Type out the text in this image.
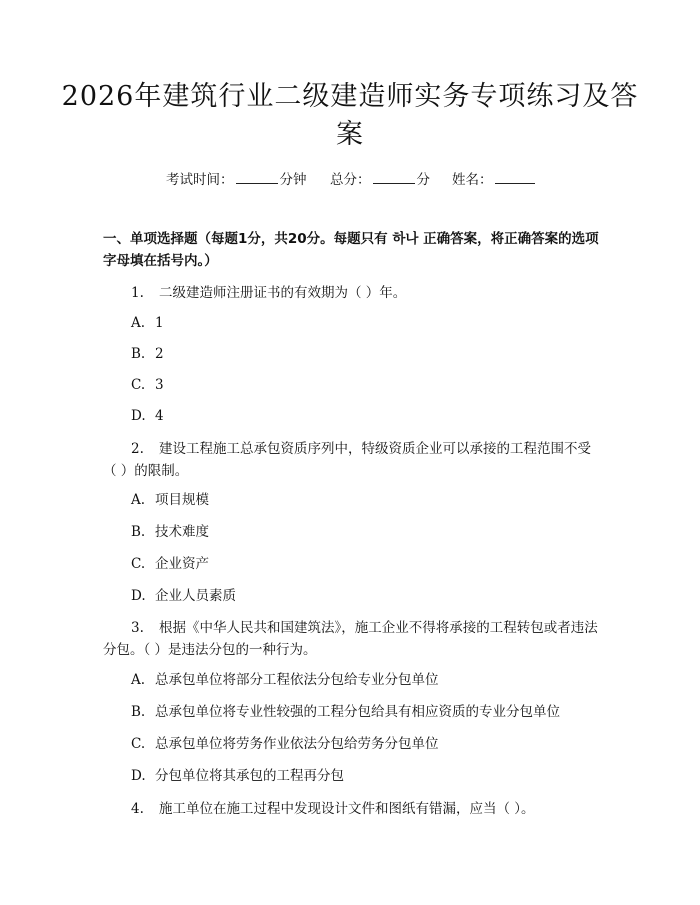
2026年建筑行业二级建造师实务专项练习及答案
考试时间：	分钟 总分：	分 姓名：
一、单项选择题（每题1分，共20分。每题只有 하나 正确答案，将正确答案的选项字母填在括号内。）
1. 二级建造师注册证书的有效期为（ ）年。
A. 1
B. 2
C. 3
D. 4
2. 建设工程施工总承包资质序列中，特级资质企业可以承接的工程范围不受（ ）的限制。
A. 项目规模
B. 技术难度
C. 企业资产
D. 企业人员素质
3. 根据《中华人民共和国建筑法》，施工企业不得将承接的工程转包或者违法分包。（ ）是违法分包的一种行为。
A. 总承包单位将部分工程依法分包给专业分包单位
B. 总承包单位将专业性较强的工程分包给具有相应资质的专业分包单位
C. 总承包单位将劳务作业依法分包给劳务分包单位
D. 分包单位将其承包的工程再分包
4. 施工单位在施工过程中发现设计文件和图纸有错漏，应当（ ）。
